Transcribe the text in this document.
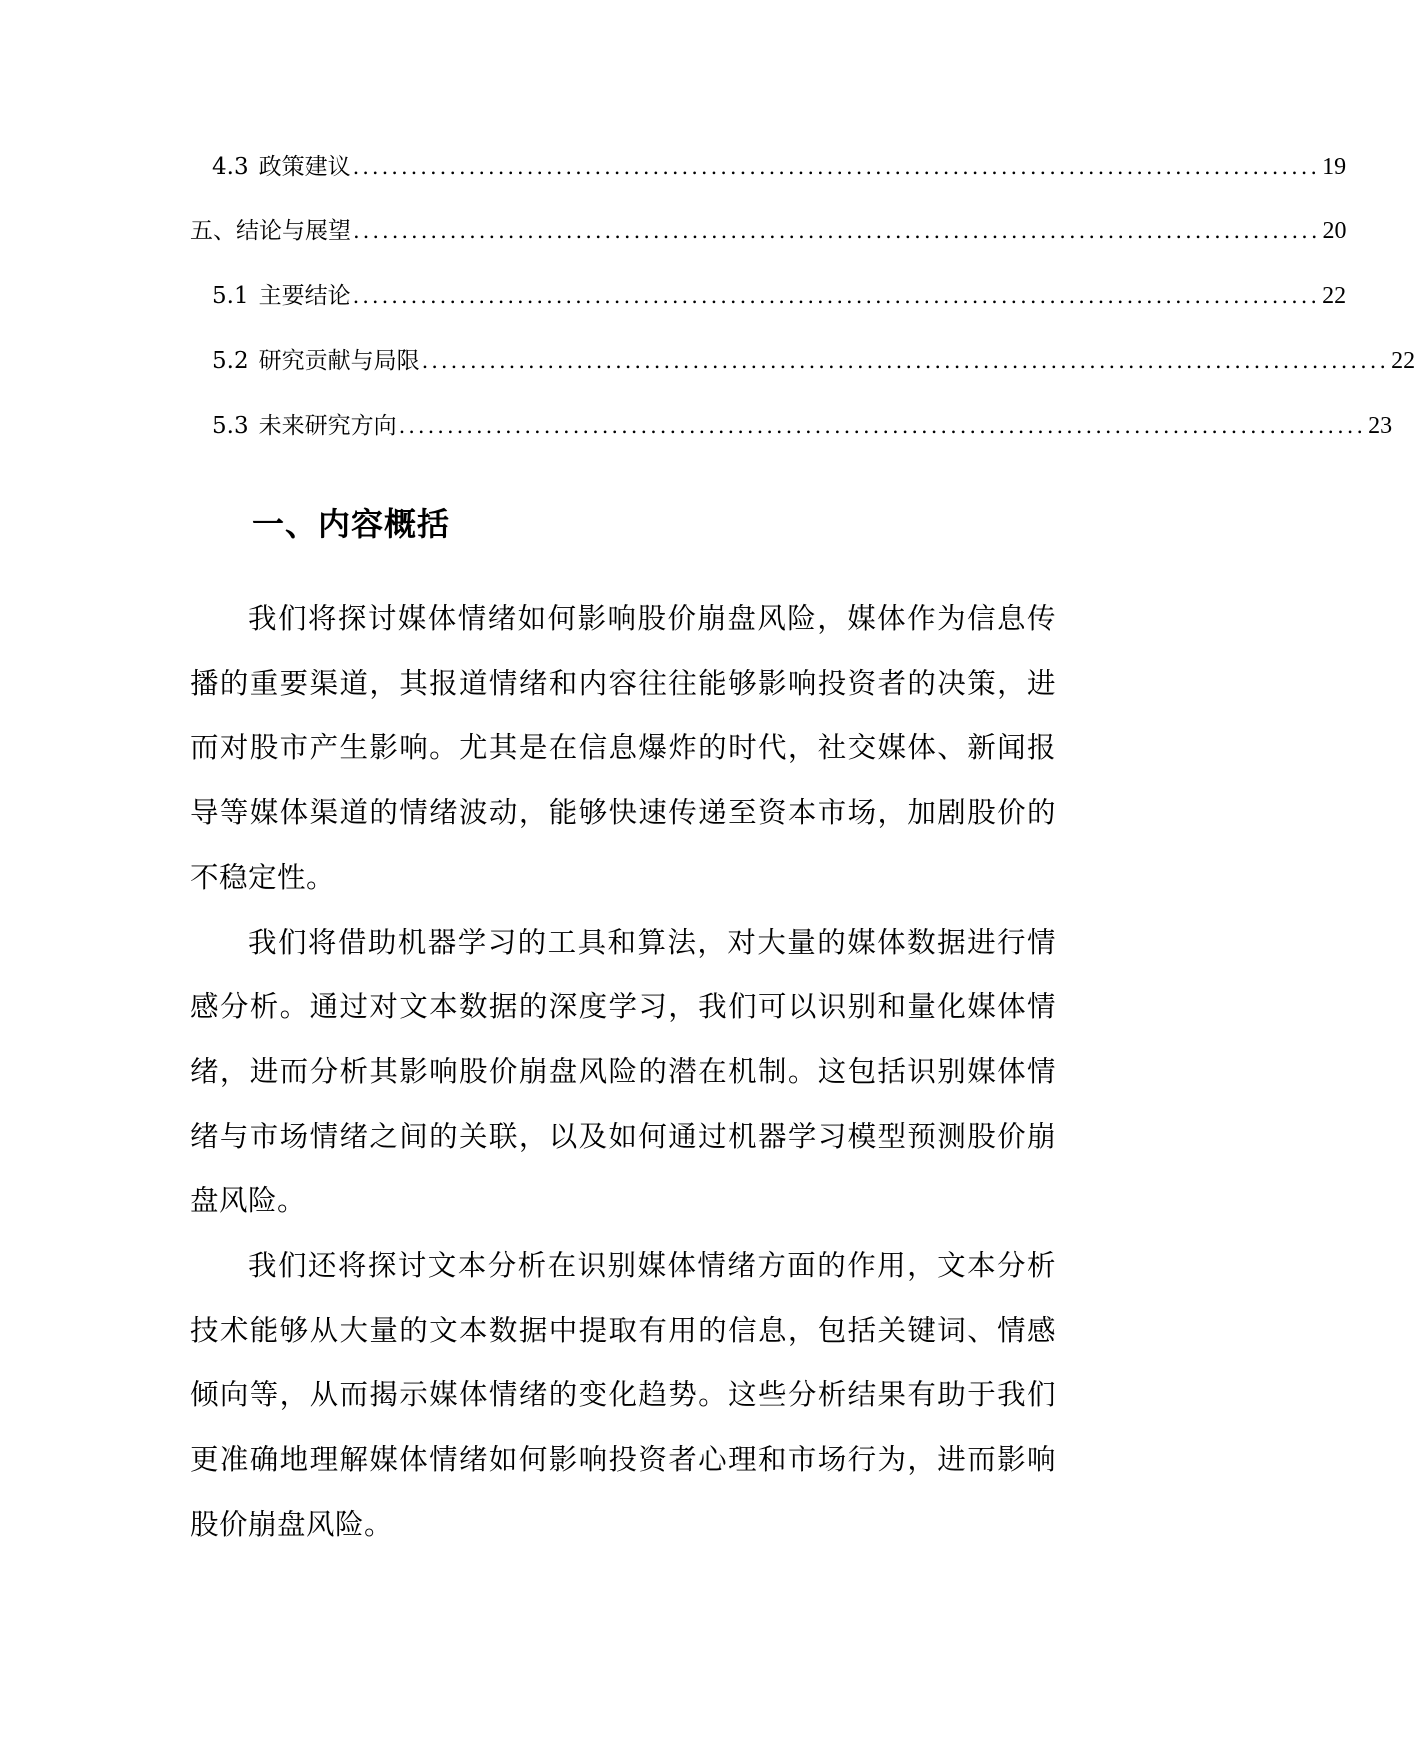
4.3 政策建议 .................................................................................................... 19
五、结论与展望 .................................................................................................... 20
5.1 主要结论 .................................................................................................... 22
5.2 研究贡献与局限 .................................................................................................... 22
5.3 未来研究方向 .................................................................................................... 23
一、内容概括

我们将探讨媒体情绪如何影响股价崩盘风险，媒体作为信息传播的重要渠道，其报道情绪和内容往往能够影响投资者的决策，进而对股市产生影响。尤其是在信息爆炸的时代，社交媒体、新闻报导等媒体渠道的情绪波动，能够快速传递至资本市场，加剧股价的不稳定性。

我们将借助机器学习的工具和算法，对大量的媒体数据进行情感分析。通过对文本数据的深度学习，我们可以识别和量化媒体情绪，进而分析其影响股价崩盘风险的潜在机制。这包括识别媒体情绪与市场情绪之间的关联，以及如何通过机器学习模型预测股价崩盘风险。

我们还将探讨文本分析在识别媒体情绪方面的作用，文本分析技术能够从大量的文本数据中提取有用的信息，包括关键词、情感倾向等，从而揭示媒体情绪的变化趋势。这些分析结果有助于我们更准确地理解媒体情绪如何影响投资者心理和市场行为，进而影响股价崩盘风险。
